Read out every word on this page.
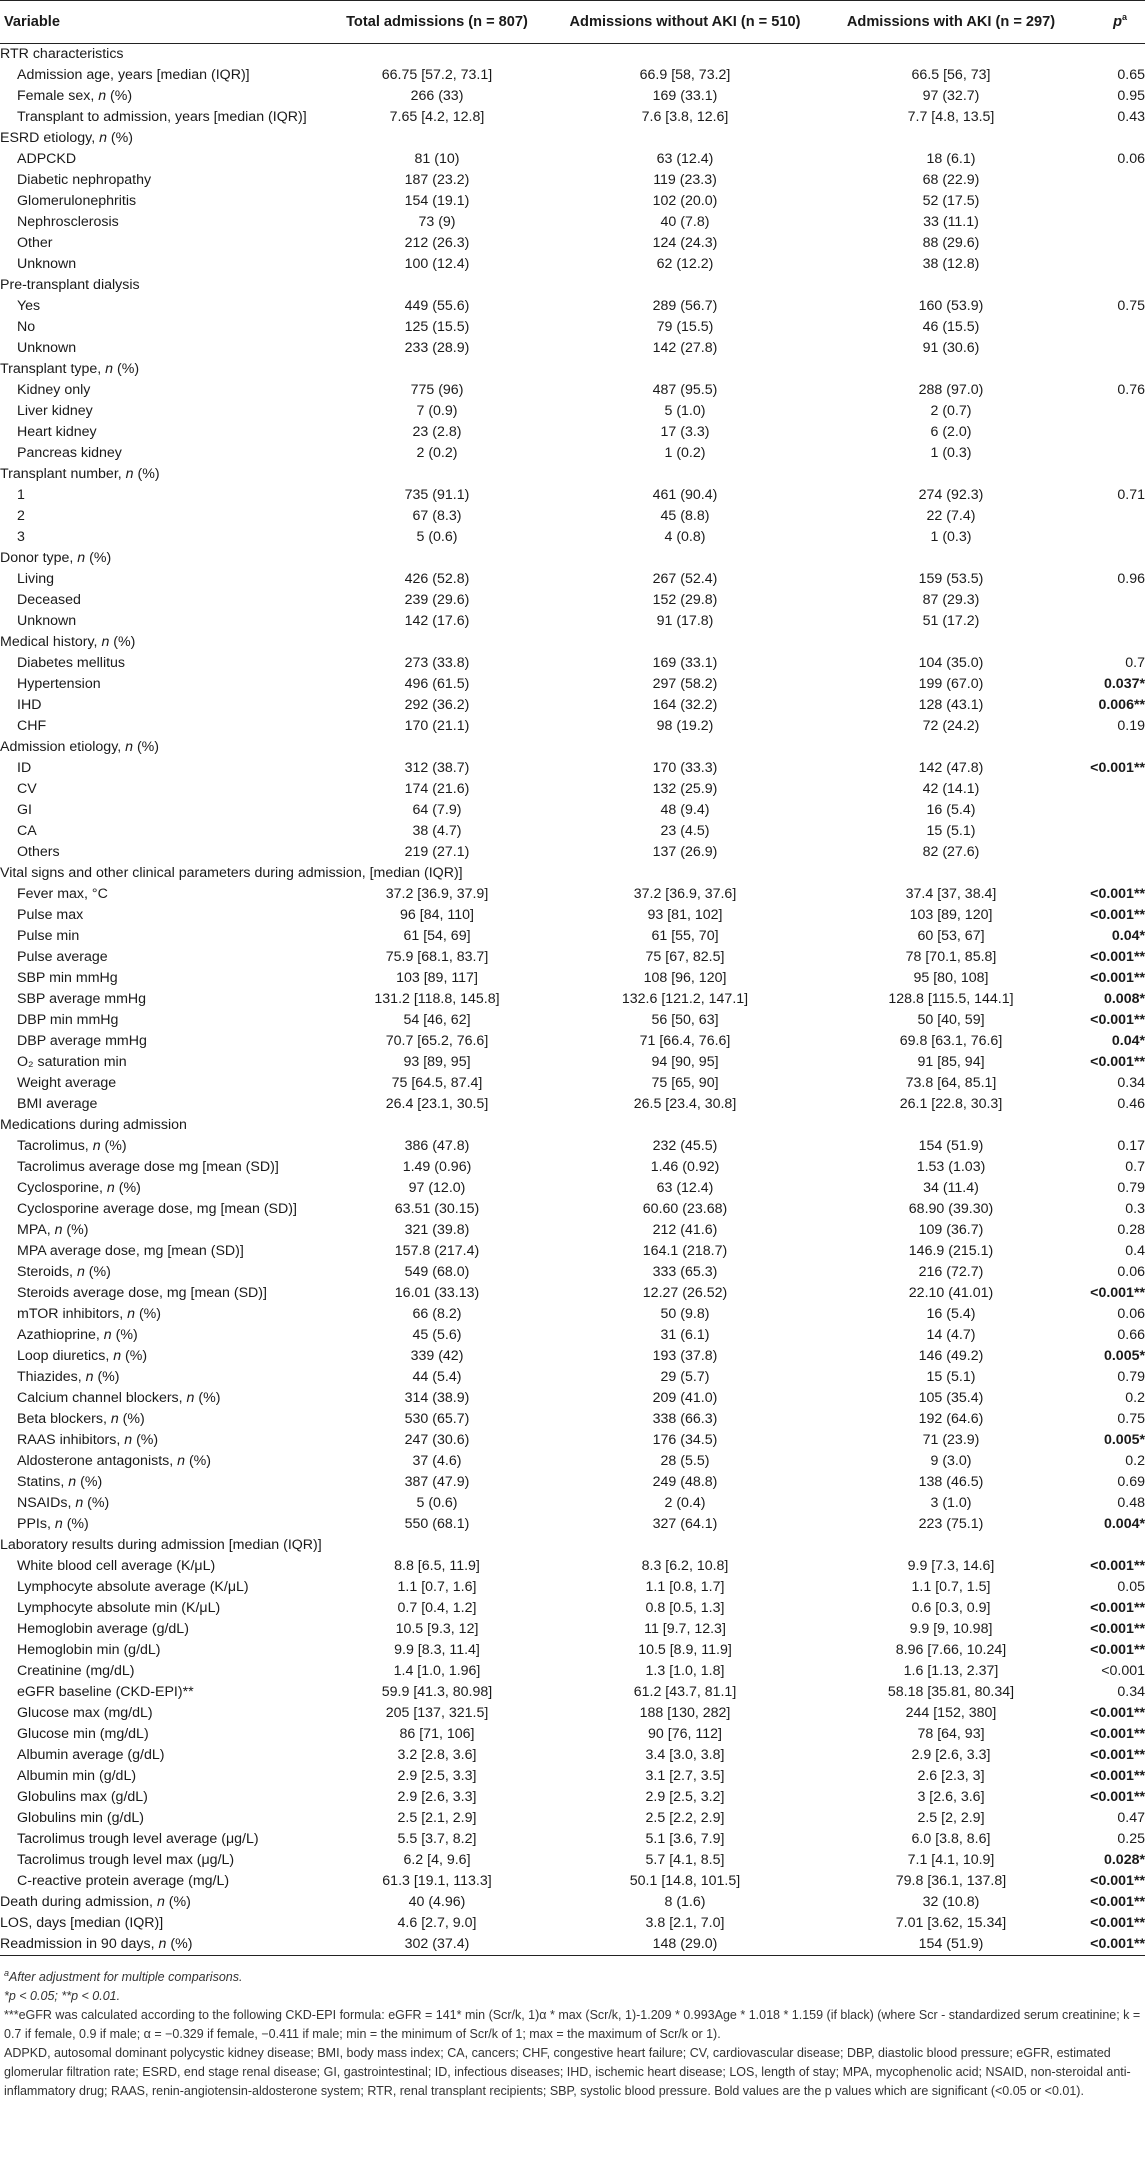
Variable	Total admissions (n = 807)	Admissions without AKI (n = 510)	Admissions with AKI (n = 297)	$p^a$
RTR characteristics				
Admission age, years [median (IQR)]	66.75 [57.2, 73.1]	66.9 [58, 73.2]	66.5 [56, 73]	0.65
Female sex, n (%)	266 (33)	169 (33.1)	97 (32.7)	0.95
Transplant to admission, years [median (IQR)]	7.65 [4.2, 12.8]	7.6 [3.8, 12.6]	7.7 [4.8, 13.5]	0.43
ESRD etiology, n (%)				
ADPCKD	81 (10)	63 (12.4)	18 (6.1)	0.06
Diabetic nephropathy	187 (23.2)	119 (23.3)	68 (22.9)	
Glomerulonephritis	154 (19.1)	102 (20.0)	52 (17.5)	
Nephrosclerosis	73 (9)	40 (7.8)	33 (11.1)	
Other	212 (26.3)	124 (24.3)	88 (29.6)	
Unknown	100 (12.4)	62 (12.2)	38 (12.8)	
Pre-transplant dialysis				
Yes	449 (55.6)	289 (56.7)	160 (53.9)	0.75
No	125 (15.5)	79 (15.5)	46 (15.5)	
Unknown	233 (28.9)	142 (27.8)	91 (30.6)	
Transplant type, n (%)				
Kidney only	775 (96)	487 (95.5)	288 (97.0)	0.76
Liver kidney	7 (0.9)	5 (1.0)	2 (0.7)	
Heart kidney	23 (2.8)	17 (3.3)	6 (2.0)	
Pancreas kidney	2 (0.2)	1 (0.2)	1 (0.3)	
Transplant number, n (%)				
1	735 (91.1)	461 (90.4)	274 (92.3)	0.71
2	67 (8.3)	45 (8.8)	22 (7.4)	
3	5 (0.6)	4 (0.8)	1 (0.3)	
Donor type, n (%)				
Living	426 (52.8)	267 (52.4)	159 (53.5)	0.96
Deceased	239 (29.6)	152 (29.8)	87 (29.3)	
Unknown	142 (17.6)	91 (17.8)	51 (17.2)	
Medical history, n (%)				
Diabetes mellitus	273 (33.8)	169 (33.1)	104 (35.0)	0.7
Hypertension	496 (61.5)	297 (58.2)	199 (67.0)	0.037*
IHD	292 (36.2)	164 (32.2)	128 (43.1)	0.006**
CHF	170 (21.1)	98 (19.2)	72 (24.2)	0.19
Admission etiology, n (%)				
ID	312 (38.7)	170 (33.3)	142 (47.8)	<0.001**
CV	174 (21.6)	132 (25.9)	42 (14.1)	
GI	64 (7.9)	48 (9.4)	16 (5.4)	
CA	38 (4.7)	23 (4.5)	15 (5.1)	
Others	219 (27.1)	137 (26.9)	82 (27.6)	
Vital signs and other clinical parameters during admission, [median (IQR)]				
Fever max, °C	37.2 [36.9, 37.9]	37.2 [36.9, 37.6]	37.4 [37, 38.4]	<0.001**
Pulse max	96 [84, 110]	93 [81, 102]	103 [89, 120]	<0.001**
Pulse min	61 [54, 69]	61 [55, 70]	60 [53, 67]	0.04*
Pulse average	75.9 [68.1, 83.7]	75 [67, 82.5]	78 [70.1, 85.8]	<0.001**
SBP min mmHg	103 [89, 117]	108 [96, 120]	95 [80, 108]	<0.001**
SBP average mmHg	131.2 [118.8, 145.8]	132.6 [121.2, 147.1]	128.8 [115.5, 144.1]	0.008*
DBP min mmHg	54 [46, 62]	56 [50, 63]	50 [40, 59]	<0.001**
DBP average mmHg	70.7 [65.2, 76.6]	71 [66.4, 76.6]	69.8 [63.1, 76.6]	0.04*
O₂ saturation min	93 [89, 95]	94 [90, 95]	91 [85, 94]	<0.001**
Weight average	75 [64.5, 87.4]	75 [65, 90]	73.8 [64, 85.1]	0.34
BMI average	26.4 [23.1, 30.5]	26.5 [23.4, 30.8]	26.1 [22.8, 30.3]	0.46
Medications during admission				
Tacrolimus, n (%)	386 (47.8)	232 (45.5)	154 (51.9)	0.17
Tacrolimus average dose mg [mean (SD)]	1.49 (0.96)	1.46 (0.92)	1.53 (1.03)	0.7
Cyclosporine, n (%)	97 (12.0)	63 (12.4)	34 (11.4)	0.79
Cyclosporine average dose, mg [mean (SD)]	63.51 (30.15)	60.60 (23.68)	68.90 (39.30)	0.3
MPA, n (%)	321 (39.8)	212 (41.6)	109 (36.7)	0.28
MPA average dose, mg [mean (SD)]	157.8 (217.4)	164.1 (218.7)	146.9 (215.1)	0.4
Steroids, n (%)	549 (68.0)	333 (65.3)	216 (72.7)	0.06
Steroids average dose, mg [mean (SD)]	16.01 (33.13)	12.27 (26.52)	22.10 (41.01)	<0.001**
mTOR inhibitors, n (%)	66 (8.2)	50 (9.8)	16 (5.4)	0.06
Azathioprine, n (%)	45 (5.6)	31 (6.1)	14 (4.7)	0.66
Loop diuretics, n (%)	339 (42)	193 (37.8)	146 (49.2)	0.005*
Thiazides, n (%)	44 (5.4)	29 (5.7)	15 (5.1)	0.79
Calcium channel blockers, n (%)	314 (38.9)	209 (41.0)	105 (35.4)	0.2
Beta blockers, n (%)	530 (65.7)	338 (66.3)	192 (64.6)	0.75
RAAS inhibitors, n (%)	247 (30.6)	176 (34.5)	71 (23.9)	0.005*
Aldosterone antagonists, n (%)	37 (4.6)	28 (5.5)	9 (3.0)	0.2
Statins, n (%)	387 (47.9)	249 (48.8)	138 (46.5)	0.69
NSAIDs, n (%)	5 (0.6)	2 (0.4)	3 (1.0)	0.48
PPIs, n (%)	550 (68.1)	327 (64.1)	223 (75.1)	0.004*
Laboratory results during admission [median (IQR)]				
White blood cell average (K/μL)	8.8 [6.5, 11.9]	8.3 [6.2, 10.8]	9.9 [7.3, 14.6]	<0.001**
Lymphocyte absolute average (K/μL)	1.1 [0.7, 1.6]	1.1 [0.8, 1.7]	1.1 [0.7, 1.5]	0.05
Lymphocyte absolute min (K/μL)	0.7 [0.4, 1.2]	0.8 [0.5, 1.3]	0.6 [0.3, 0.9]	<0.001**
Hemoglobin average (g/dL)	10.5 [9.3, 12]	11 [9.7, 12.3]	9.9 [9, 10.98]	<0.001**
Hemoglobin min (g/dL)	9.9 [8.3, 11.4]	10.5 [8.9, 11.9]	8.96 [7.66, 10.24]	<0.001**
Creatinine (mg/dL)	1.4 [1.0, 1.96]	1.3 [1.0, 1.8]	1.6 [1.13, 2.37]	<0.001
eGFR baseline (CKD-EPI)**	59.9 [41.3, 80.98]	61.2 [43.7, 81.1]	58.18 [35.81, 80.34]	0.34
Glucose max (mg/dL)	205 [137, 321.5]	188 [130, 282]	244 [152, 380]	<0.001**
Glucose min (mg/dL)	86 [71, 106]	90 [76, 112]	78 [64, 93]	<0.001**
Albumin average (g/dL)	3.2 [2.8, 3.6]	3.4 [3.0, 3.8]	2.9 [2.6, 3.3]	<0.001**
Albumin min (g/dL)	2.9 [2.5, 3.3]	3.1 [2.7, 3.5]	2.6 [2.3, 3]	<0.001**
Globulins max (g/dL)	2.9 [2.6, 3.3]	2.9 [2.5, 3.2]	3 [2.6, 3.6]	<0.001**
Globulins min (g/dL)	2.5 [2.1, 2.9]	2.5 [2.2, 2.9]	2.5 [2, 2.9]	0.47
Tacrolimus trough level average (μg/L)	5.5 [3.7, 8.2]	5.1 [3.6, 7.9]	6.0 [3.8, 8.6]	0.25
Tacrolimus trough level max (μg/L)	6.2 [4, 9.6]	5.7 [4.1, 8.5]	7.1 [4.1, 10.9]	0.028*
C-reactive protein average (mg/L)	61.3 [19.1, 113.3]	50.1 [14.8, 101.5]	79.8 [36.1, 137.8]	<0.001**
Death during admission, n (%)	40 (4.96)	8 (1.6)	32 (10.8)	<0.001**
LOS, days [median (IQR)]	4.6 [2.7, 9.0]	3.8 [2.1, 7.0]	7.01 [3.62, 15.34]	<0.001**
Readmission in 90 days, n (%)	302 (37.4)	148 (29.0)	154 (51.9)	<0.001**
$^a$After adjustment for multiple comparisons.
*p < 0.05; **p < 0.01.
***eGFR was calculated according to the following CKD-EPI formula: eGFR = 141* min (Scr/k, 1)α * max (Scr/k, 1)-1.209 * 0.993Age * 1.018 * 1.159 (if black) (where Scr - standardized serum creatinine; k = 0.7 if female, 0.9 if male; α = −0.329 if female, −0.411 if male; min = the minimum of Scr/k of 1; max = the maximum of Scr/k or 1).
ADPKD, autosomal dominant polycystic kidney disease; BMI, body mass index; CA, cancers; CHF, congestive heart failure; CV, cardiovascular disease; DBP, diastolic blood pressure; eGFR, estimated glomerular filtration rate; ESRD, end stage renal disease; GI, gastrointestinal; ID, infectious diseases; IHD, ischemic heart disease; LOS, length of stay; MPA, mycophenolic acid; NSAID, non-steroidal anti-inflammatory drug; RAAS, renin-angiotensin-aldosterone system; RTR, renal transplant recipients; SBP, systolic blood pressure. Bold values are the p values which are significant (<0.05 or <0.01).
